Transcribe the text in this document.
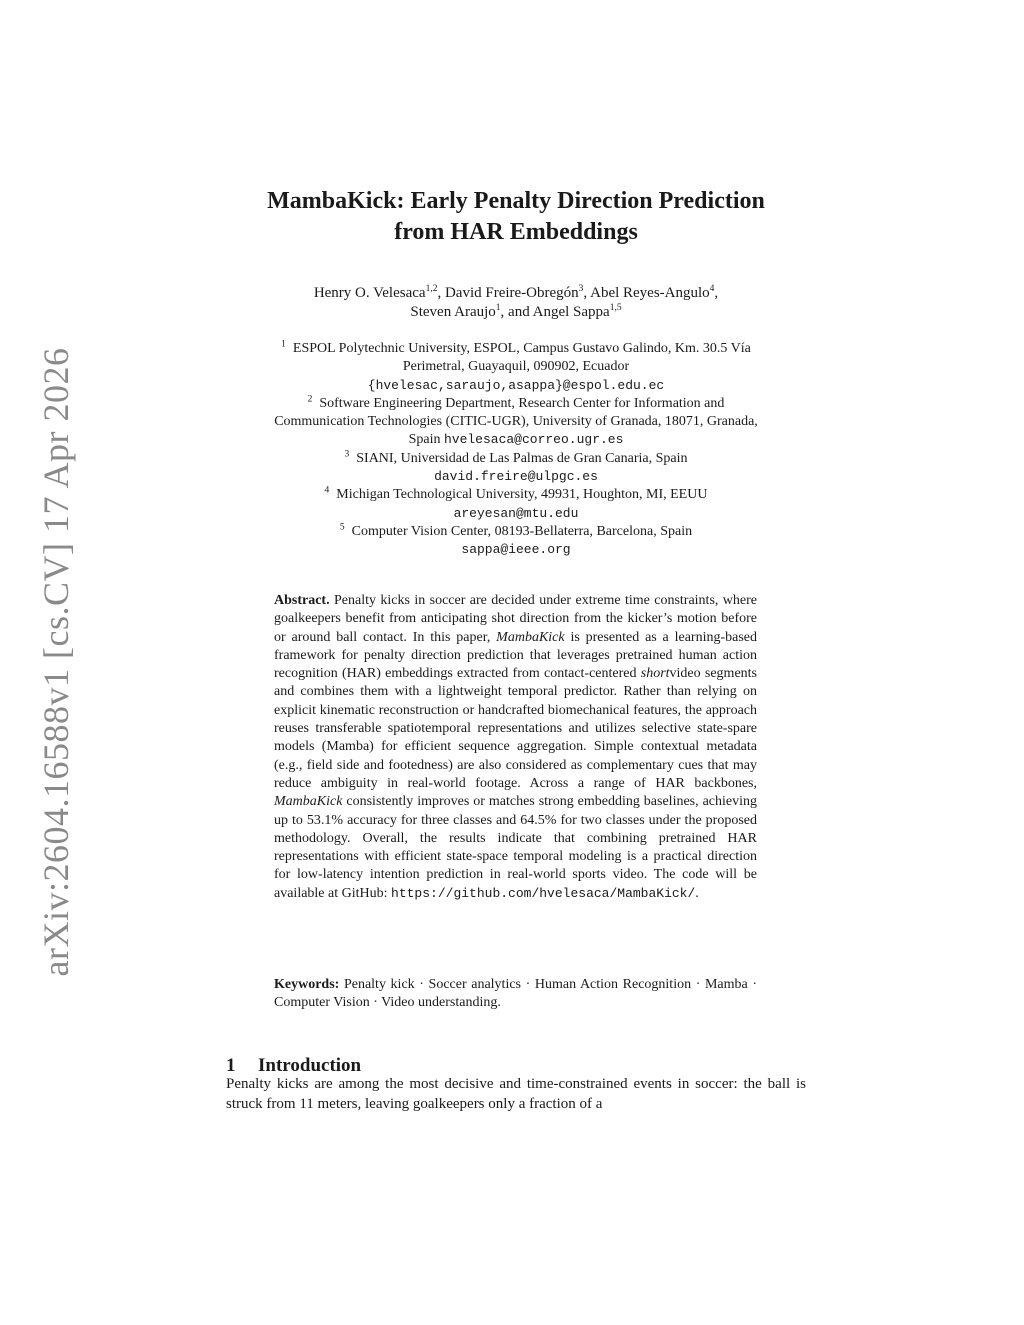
arXiv:2604.16588v1 [cs.CV] 17 Apr 2026
MambaKick: Early Penalty Direction Prediction
from HAR Embeddings
Henry O. Velesaca$^{1,2}$, David Freire-Obregón$^3$, Abel Reyes-Angulo$^4$,
Steven Araujo$^1$, and Angel Sappa$^{1,5}$
$^1$ ESPOL Polytechnic University, ESPOL, Campus Gustavo Galindo, Km. 30.5 Vía
Perimetral, Guayaquil, 090902, Ecuador
{hvelesac,saraujo,asappa}@espol.edu.ec
$^2$ Software Engineering Department, Research Center for Information and
Communication Technologies (CITIC-UGR), University of Granada, 18071, Granada,
Spain hvelesaca@correo.ugr.es
$^3$ SIANI, Universidad de Las Palmas de Gran Canaria, Spain
david.freire@ulpgc.es
$^4$ Michigan Technological University, 49931, Houghton, MI, EEUU
areyesan@mtu.edu
$^5$ Computer Vision Center, 08193-Bellaterra, Barcelona, Spain
sappa@ieee.org
Abstract. Penalty kicks in soccer are decided under extreme time constraints, where goalkeepers benefit from anticipating shot direction from the kicker’s motion before or around ball contact. In this paper, MambaKick is presented as a learning-based framework for penalty direction prediction that leverages pretrained human action recognition (HAR) embeddings extracted from contact-centered shortvideo segments and combines them with a lightweight temporal predictor. Rather than relying on explicit kinematic reconstruction or handcrafted biomechanical features, the approach reuses transferable spatiotemporal representations and utilizes selective state-spare models (Mamba) for efficient sequence aggregation. Simple contextual metadata (e.g., field side and footedness) are also considered as complementary cues that may reduce ambiguity in real-world footage. Across a range of HAR backbones, MambaKick consistently improves or matches strong embedding baselines, achieving up to 53.1% accuracy for three classes and 64.5% for two classes under the proposed methodology. Overall, the results indicate that combining pretrained HAR representations with efficient state-space temporal modeling is a practical direction for low-latency intention prediction in real-world sports video. The code will be available at GitHub: https://github.com/hvelesaca/MambaKick/.
Keywords: Penalty kick · Soccer analytics · Human Action Recognition · Mamba · Computer Vision · Video understanding.
1 Introduction
Penalty kicks are among the most decisive and time-constrained events in soccer: the ball is struck from 11 meters, leaving goalkeepers only a fraction of a
